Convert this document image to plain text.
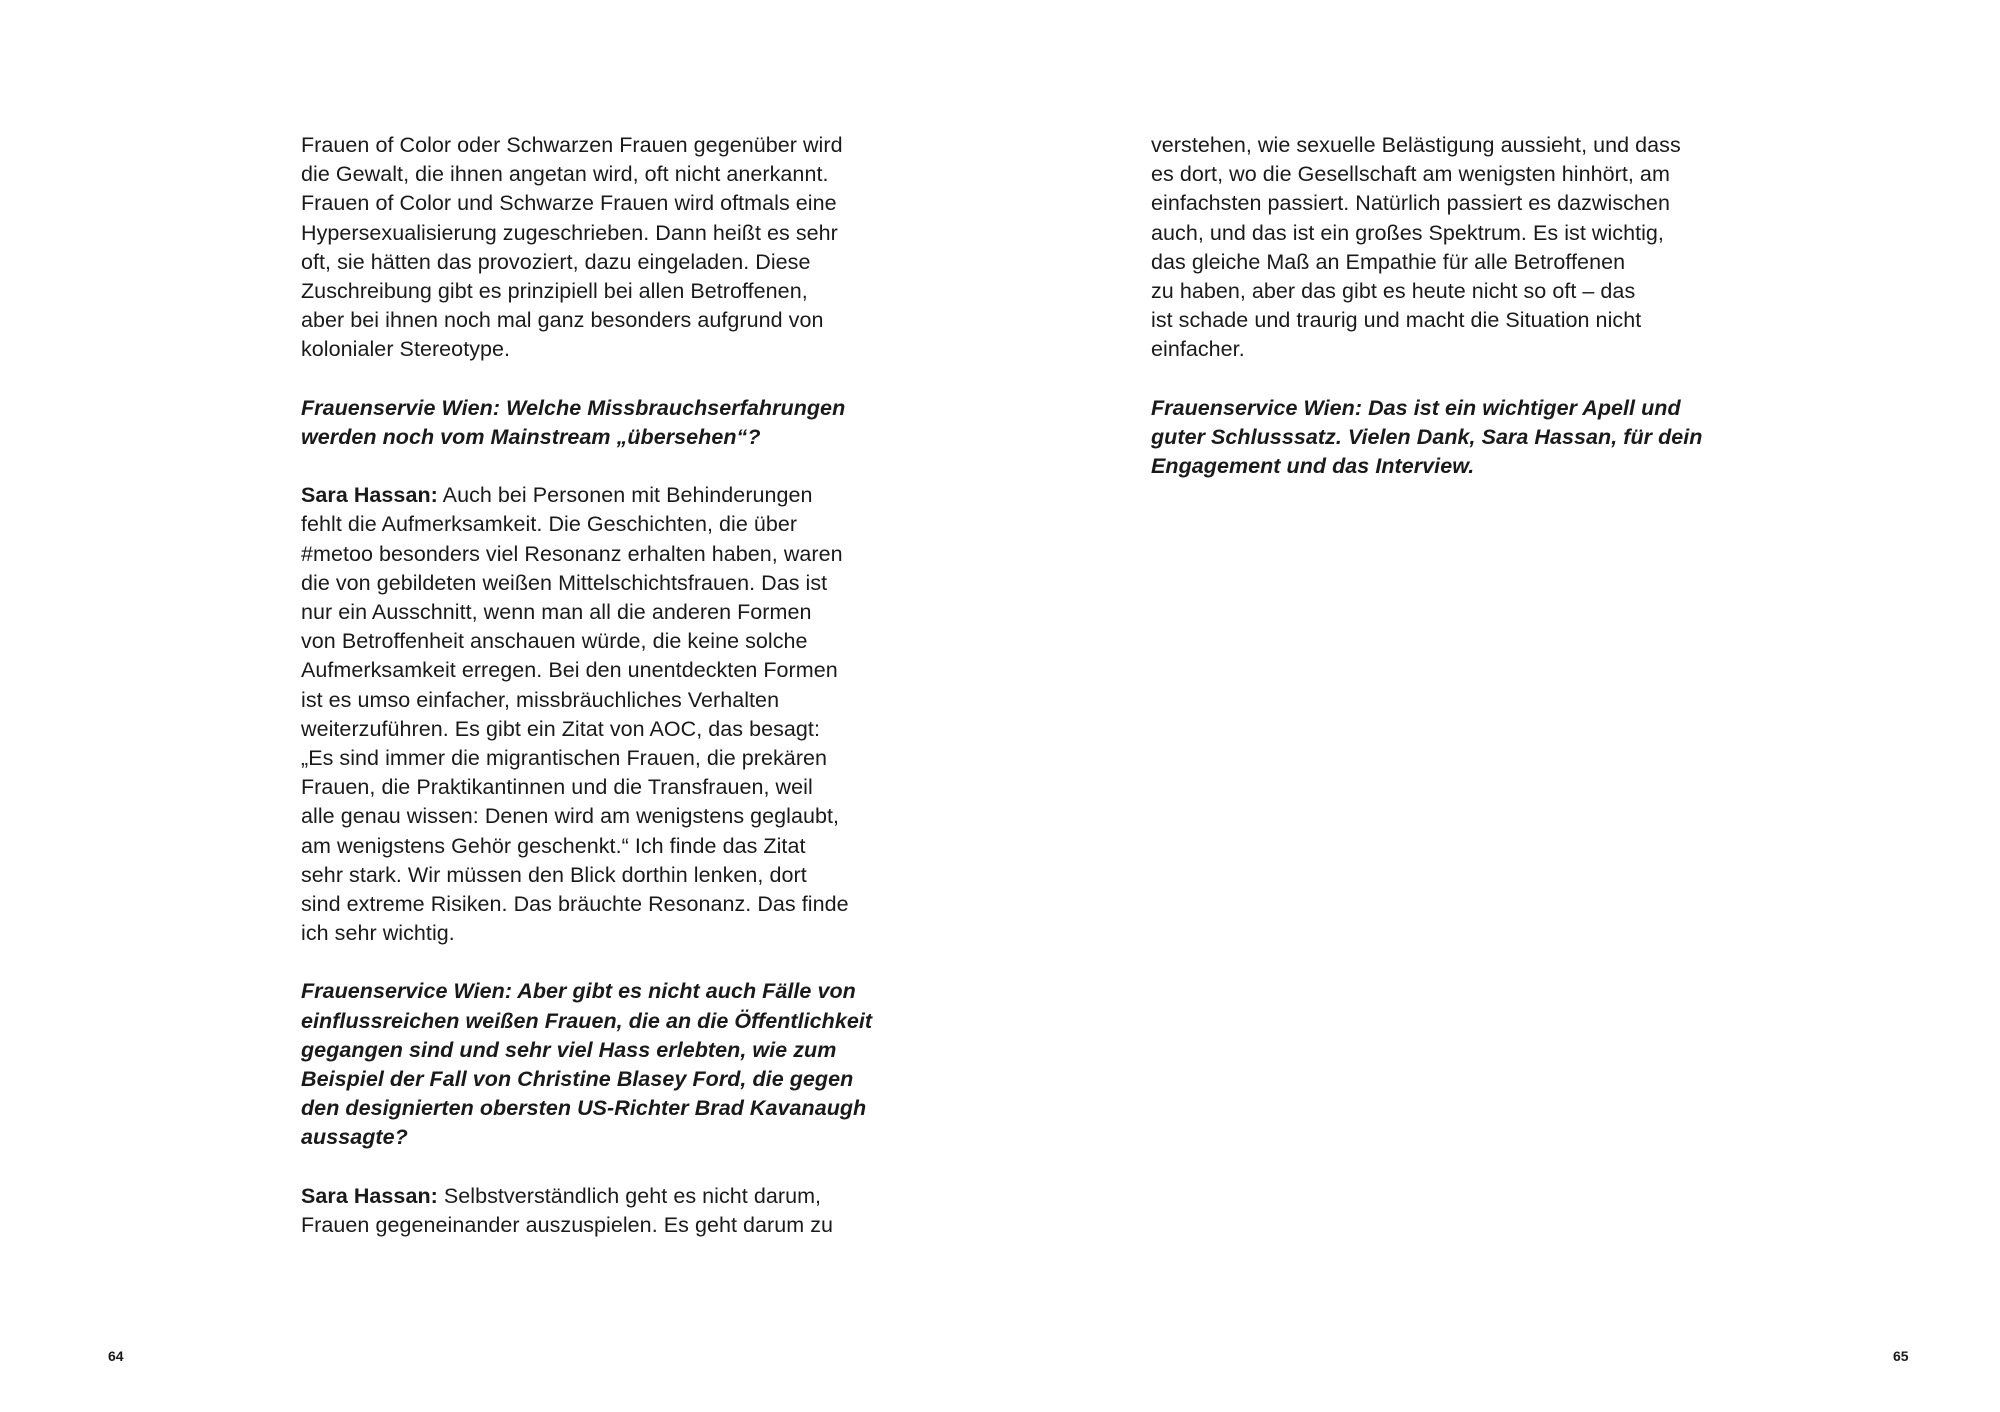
Frauen of Color oder Schwarzen Frauen gegenüber wird
die Gewalt, die ihnen angetan wird, oft nicht anerkannt.
Frauen of Color und Schwarze Frauen wird oftmals eine
Hypersexualisierung zugeschrieben. Dann heißt es sehr
oft, sie hätten das provoziert, dazu eingeladen. Diese
Zuschreibung gibt es prinzipiell bei allen Betroffenen,
aber bei ihnen noch mal ganz besonders aufgrund von
kolonialer Stereotype.
Frauenservie Wien: Welche Missbrauchserfahrungen
werden noch vom Mainstream „übersehen“?
Sara Hassan: Auch bei Personen mit Behinderungen
fehlt die Aufmerksamkeit. Die Geschichten, die über
#metoo besonders viel Resonanz erhalten haben, waren
die von gebildeten weißen Mittelschichtsfrauen. Das ist
nur ein Ausschnitt, wenn man all die anderen Formen
von Betroffenheit anschauen würde, die keine solche
Aufmerksamkeit erregen. Bei den unentdeckten Formen
ist es umso einfacher, missbräuchliches Verhalten
weiterzuführen. Es gibt ein Zitat von AOC, das besagt:
„Es sind immer die migrantischen Frauen, die prekären
Frauen, die Praktikantinnen und die Transfrauen, weil
alle genau wissen: Denen wird am wenigstens geglaubt,
am wenigstens Gehör geschenkt.“ Ich finde das Zitat
sehr stark. Wir müssen den Blick dorthin lenken, dort
sind extreme Risiken. Das bräuchte Resonanz. Das finde
ich sehr wichtig.
Frauenservice Wien: Aber gibt es nicht auch Fälle von
einflussreichen weißen Frauen, die an die Öffentlichkeit
gegangen sind und sehr viel Hass erlebten, wie zum
Beispiel der Fall von Christine Blasey Ford, die gegen
den designierten obersten US-Richter Brad Kavanaugh
aussagte?
Sara Hassan: Selbstverständlich geht es nicht darum,
Frauen gegeneinander auszuspielen. Es geht darum zu
64
verstehen, wie sexuelle Belästigung aussieht, und dass
es dort, wo die Gesellschaft am wenigsten hinhört, am
einfachsten passiert. Natürlich passiert es dazwischen
auch, und das ist ein großes Spektrum. Es ist wichtig,
das gleiche Maß an Empathie für alle Betroffenen
zu haben, aber das gibt es heute nicht so oft – das
ist schade und traurig und macht die Situation nicht
einfacher.
Frauenservice Wien: Das ist ein wichtiger Apell und
guter Schlusssatz. Vielen Dank, Sara Hassan, für dein
Engagement und das Interview.
65
